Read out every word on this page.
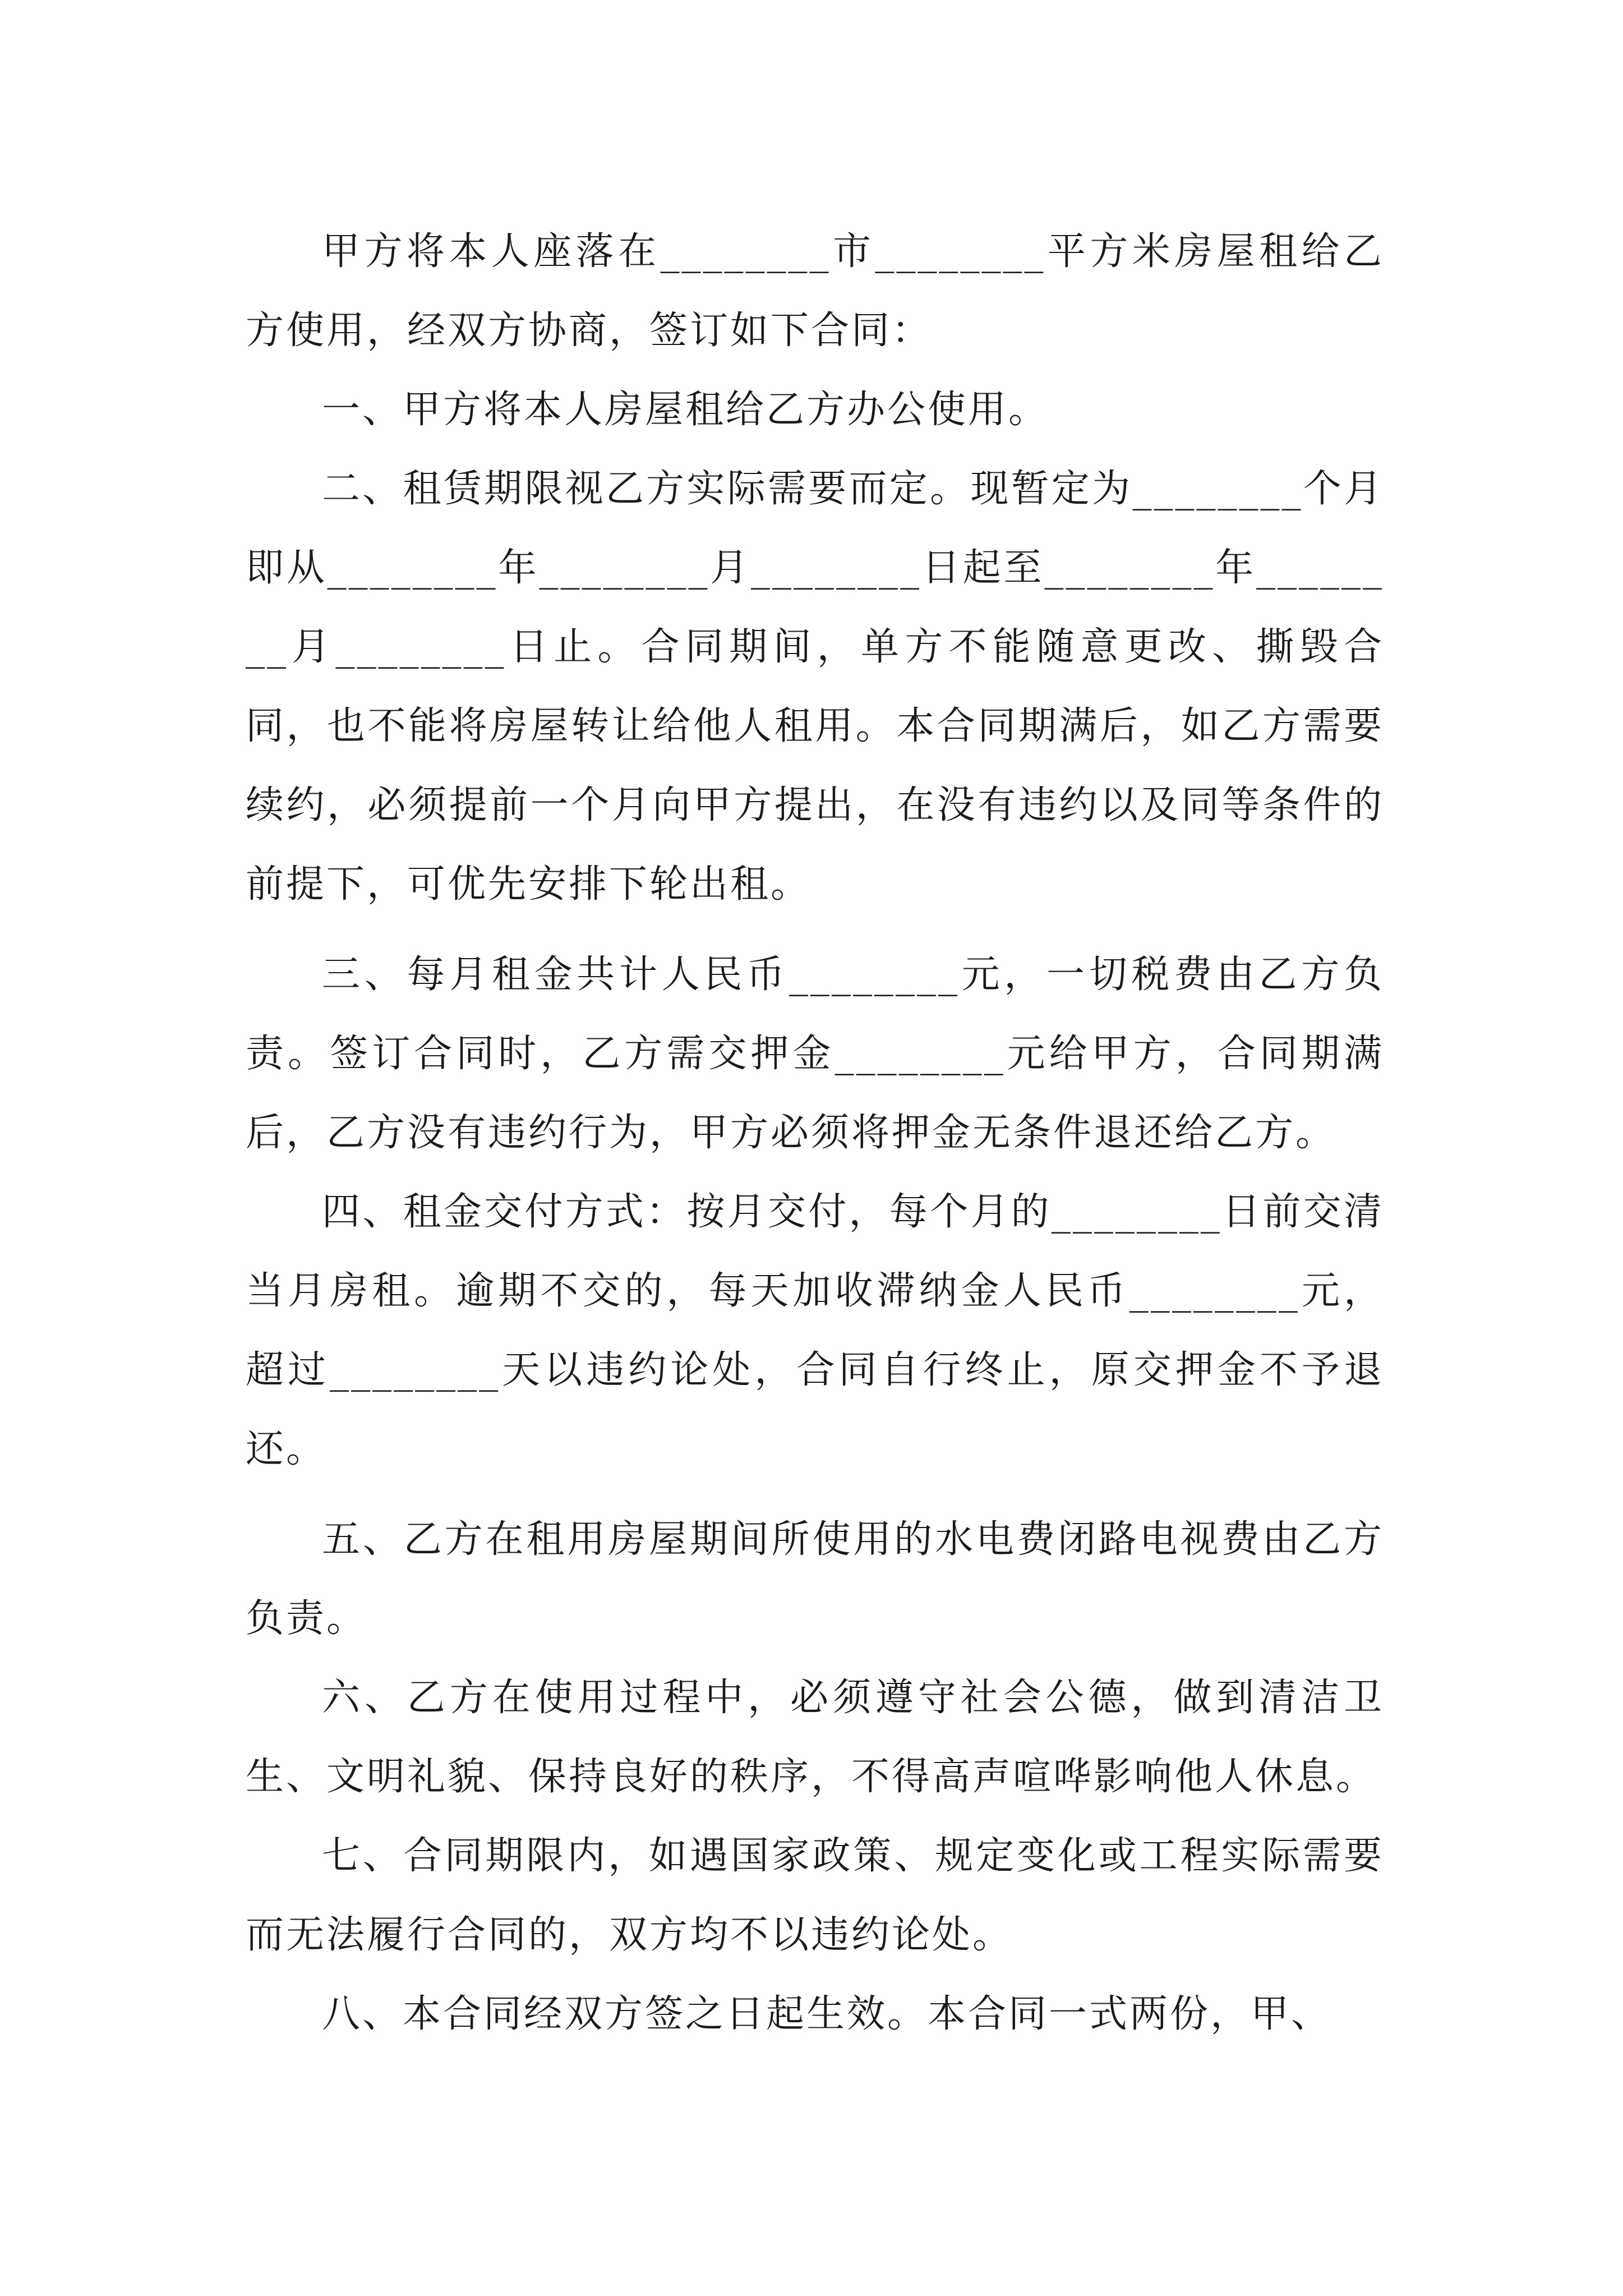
甲方将本人座落在________市________平方米房屋租给乙方使用，经双方协商，签订如下合同：

一、甲方将本人房屋租给乙方办公使用。

二、租赁期限视乙方实际需要而定。现暂定为________个月即从________年________月________日起至________年________月________日止。合同期间，单方不能随意更改、撕毁合同，也不能将房屋转让给他人租用。本合同期满后，如乙方需要续约，必须提前一个月向甲方提出，在没有违约以及同等条件的前提下，可优先安排下轮出租。

三、每月租金共计人民币________元，一切税费由乙方负责。签订合同时，乙方需交押金________元给甲方，合同期满后，乙方没有违约行为，甲方必须将押金无条件退还给乙方。

四、租金交付方式：按月交付，每个月的________日前交清当月房租。逾期不交的，每天加收滞纳金人民币________元，超过________天以违约论处，合同自行终止，原交押金不予退还。

五、乙方在租用房屋期间所使用的水电费闭路电视费由乙方负责。

六、乙方在使用过程中，必须遵守社会公德，做到清洁卫生、文明礼貌、保持良好的秩序，不得高声喧哗影响他人休息。

七、合同期限内，如遇国家政策、规定变化或工程实际需要而无法履行合同的，双方均不以违约论处。

八、本合同经双方签之日起生效。本合同一式两份，甲、
